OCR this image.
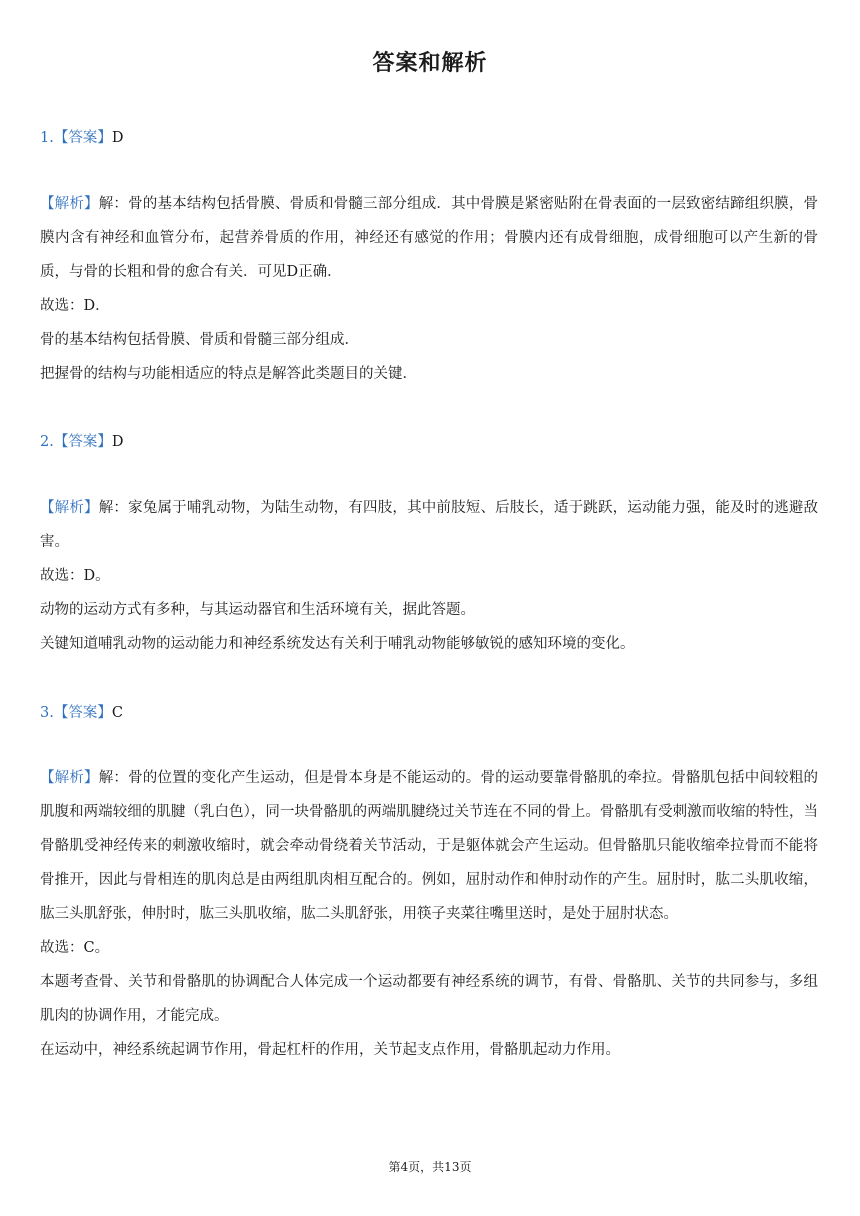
答案和解析
1.【答案】D

【解析】解：骨的基本结构包括骨膜、骨质和骨髓三部分组成．其中骨膜是紧密贴附在骨表面的一层致密结蹄组织膜，骨膜内含有神经和血管分布，起营养骨质的作用，神经还有感觉的作用；骨膜内还有成骨细胞，成骨细胞可以产生新的骨质，与骨的长粗和骨的愈合有关．可见D正确．

故选：D．

骨的基本结构包括骨膜、骨质和骨髓三部分组成．

把握骨的结构与功能相适应的特点是解答此类题目的关键．

2.【答案】D

【解析】解：家兔属于哺乳动物，为陆生动物，有四肢，其中前肢短、后肢长，适于跳跃，运动能力强，能及时的逃避敌害。

故选：D。

动物的运动方式有多种，与其运动器官和生活环境有关，据此答题。

关键知道哺乳动物的运动能力和神经系统发达有关利于哺乳动物能够敏锐的感知环境的变化。

3.【答案】C

【解析】解：骨的位置的变化产生运动，但是骨本身是不能运动的。骨的运动要靠骨骼肌的牵拉。骨骼肌包括中间较粗的肌腹和两端较细的肌腱（乳白色），同一块骨骼肌的两端肌腱绕过关节连在不同的骨上。骨骼肌有受刺激而收缩的特性，当骨骼肌受神经传来的刺激收缩时，就会牵动骨绕着关节活动，于是躯体就会产生运动。但骨骼肌只能收缩牵拉骨而不能将骨推开，因此与骨相连的肌肉总是由两组肌肉相互配合的。例如，屈肘动作和伸肘动作的产生。屈肘时，肱二头肌收缩，肱三头肌舒张，伸肘时，肱三头肌收缩，肱二头肌舒张，用筷子夹菜往嘴里送时，是处于屈肘状态。

故选：C。

本题考查骨、关节和骨骼肌的协调配合人体完成一个运动都要有神经系统的调节，有骨、骨骼肌、关节的共同参与，多组肌肉的协调作用，才能完成。

在运动中，神经系统起调节作用，骨起杠杆的作用，关节起支点作用，骨骼肌起动力作用。

第4页，共13页
